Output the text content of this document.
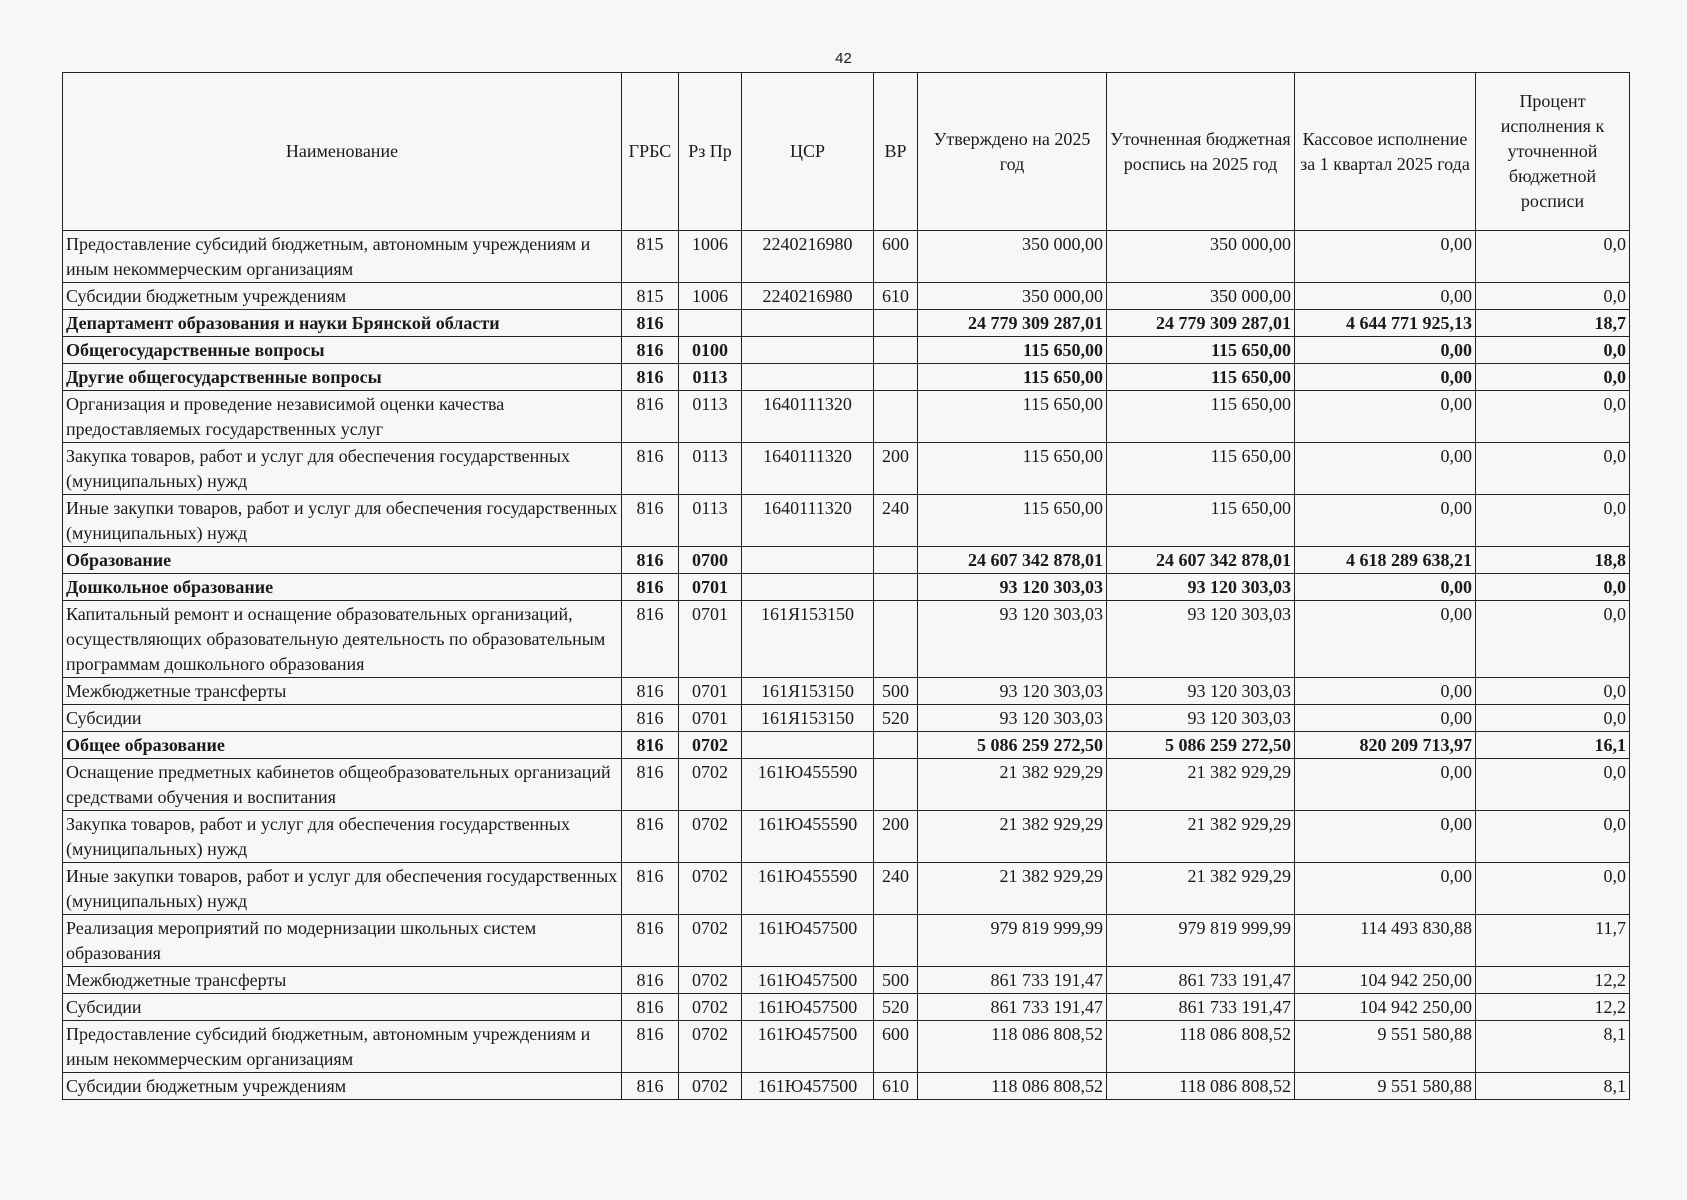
42
Наименование	ГРБС	Рз Пр	ЦСР	ВР	Утверждено на 2025 год	Уточненная бюджетная роспись на 2025 год	Кассовое исполнение за 1 квартал 2025 года	Процент исполнения к уточненной бюджетной росписи
Предоставление субсидий бюджетным, автономным учреждениям и иным некоммерческим организациям	815	1006	2240216980	600	350 000,00	350 000,00	0,00	0,0
Субсидии бюджетным учреждениям	815	1006	2240216980	610	350 000,00	350 000,00	0,00	0,0
Департамент образования и науки Брянской области	816				24 779 309 287,01	24 779 309 287,01	4 644 771 925,13	18,7
Общегосударственные вопросы	816	0100			115 650,00	115 650,00	0,00	0,0
Другие общегосударственные вопросы	816	0113			115 650,00	115 650,00	0,00	0,0
Организация и проведение независимой оценки качества предоставляемых государственных услуг	816	0113	1640111320		115 650,00	115 650,00	0,00	0,0
Закупка товаров, работ и услуг для обеспечения государственных (муниципальных) нужд	816	0113	1640111320	200	115 650,00	115 650,00	0,00	0,0
Иные закупки товаров, работ и услуг для обеспечения государственных (муниципальных) нужд	816	0113	1640111320	240	115 650,00	115 650,00	0,00	0,0
Образование	816	0700			24 607 342 878,01	24 607 342 878,01	4 618 289 638,21	18,8
Дошкольное образование	816	0701			93 120 303,03	93 120 303,03	0,00	0,0
Капитальный ремонт и оснащение образовательных организаций, осуществляющих образовательную деятельность по образовательным программам дошкольного образования	816	0701	161Я153150		93 120 303,03	93 120 303,03	0,00	0,0
Межбюджетные трансферты	816	0701	161Я153150	500	93 120 303,03	93 120 303,03	0,00	0,0
Субсидии	816	0701	161Я153150	520	93 120 303,03	93 120 303,03	0,00	0,0
Общее образование	816	0702			5 086 259 272,50	5 086 259 272,50	820 209 713,97	16,1
Оснащение предметных кабинетов общеобразовательных организаций средствами обучения и воспитания	816	0702	161Ю455590		21 382 929,29	21 382 929,29	0,00	0,0
Закупка товаров, работ и услуг для обеспечения государственных (муниципальных) нужд	816	0702	161Ю455590	200	21 382 929,29	21 382 929,29	0,00	0,0
Иные закупки товаров, работ и услуг для обеспечения государственных (муниципальных) нужд	816	0702	161Ю455590	240	21 382 929,29	21 382 929,29	0,00	0,0
Реализация мероприятий по модернизации школьных систем образования	816	0702	161Ю457500		979 819 999,99	979 819 999,99	114 493 830,88	11,7
Межбюджетные трансферты	816	0702	161Ю457500	500	861 733 191,47	861 733 191,47	104 942 250,00	12,2
Субсидии	816	0702	161Ю457500	520	861 733 191,47	861 733 191,47	104 942 250,00	12,2
Предоставление субсидий бюджетным, автономным учреждениям и иным некоммерческим организациям	816	0702	161Ю457500	600	118 086 808,52	118 086 808,52	9 551 580,88	8,1
Субсидии бюджетным учреждениям	816	0702	161Ю457500	610	118 086 808,52	118 086 808,52	9 551 580,88	8,1
